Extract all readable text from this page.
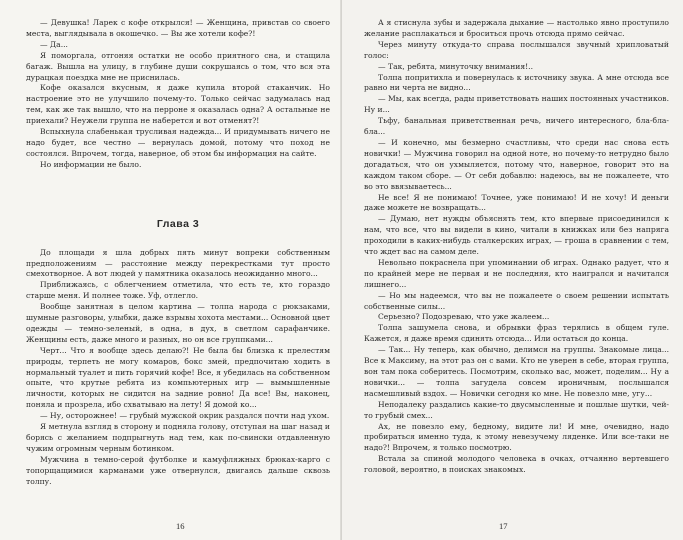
— Девушка! Ларек с кофе открылся! — Женщина, привстав со своего места, выглядывала в окошечко. — Вы же хотели кофе?!

— Да...

Я поморгала, отгоняя остатки не особо приятного сна, и стащила багаж. Вышла на улицу, в глубине души сокрушаясь о том, что вся эта дурацкая поездка мне не приснилась.

Кофе оказался вкусным, я даже купила второй стаканчик. Но настроение это не улучшило почему-то. Только сейчас задумалась над тем, как же так вышло, что на перроне я оказалась одна? А остальные не приехали? Неужели группа не наберется и вот отменят?!

Вспыхнула слабенькая трусливая надежда... И придумывать ничего не надо будет, все честно — вернулась домой, потому что поход не состоялся. Впрочем, тогда, наверное, об этом бы информация на сайте.

Но информации не было.

Глава 3

До площади я шла добрых пять минут вопреки собственным предположениям — расстояние между перекрестками тут просто смехотворное. А вот людей у памятника оказалось неожиданно много...

Приближаясь, с облегчением отметила, что есть те, кто гораздо старше меня. И полнее тоже. Уф, отлегло.

Вообще занятная в целом картина — толпа народа с рюкзаками, шумные разговоры, улыбки, даже взрывы хохота местами... Основной цвет одежды — темно-зеленый, в одна, в дух, в светлом сарафанчике. Женщины есть, даже много и разных, но он все группками...

Черт... Что я вообще здесь делаю?! Не была бы близка к прелестям природы, терпеть не могу комаров, бокс змей, предпочитаю ходить в нормальный туалет и пить горячий кофе! Все, я убедилась на собственном опыте, что крутые ребята из компьютерных игр — вымышленные личности, которых не сидится на задние ровно! Да все! Вы, наконец, поняла и прозрела, ибо схватываю на лету! Я домой ко...

— Ну, осторожнее! — грубый мужской окрик раздался почти над ухом.

Я метнула взгляд в сторону и подняла голову, отступая на шаг назад и борясь с желанием подпрыгнуть над тем, как по-свински отдавленную чужим огромным черным ботинком.

Мужчина в темно-серой футболке и камуфляжных брюках-карго с топорщащимися карманами уже отвернулся, двигаясь дальше сквозь толпу.

16

А я стиснула зубы и задержала дыхание — настолько явно проступило желание расплакаться и броситься прочь отсюда прямо сейчас.

Через минуту откуда-то справа послышался звучный хрипловатый голос:

— Так, ребята, минуточку внимания!..

Толпа попритихла и повернулась к источнику звука. А мне отсюда все равно ни черта не видно...

— Мы, как всегда, рады приветствовать наших постоянных участников. Ну и...

Тьфу, банальная приветственная речь, ничего интересного, бла-бла-бла...

— И конечно, мы безмерно счастливы, что среди нас снова есть новички! — Мужчина говорил на одной ноте, но почему-то нетрудно было догадаться, что он ухмыляется, потому что, наверное, говорит это на каждом таком сборе. — От себя добавлю: надеюсь, вы не пожалеете, что во это ввязываетесь...

Не все! Я не понимаю! Точнее, уже понимаю! И не хочу! И деньги даже можете не возвращать...

— Думаю, нет нужды объяснять тем, кто впервые присоединился к нам, что все, что вы видели в кино, читали в книжках или без напряга проходили в каких-нибудь сталкерских играх, — гроша в сравнении с тем, что ждет вас на самом деле.

Невольно покраснела при упоминании об играх. Однако радует, что я по крайней мере не первая и не последняя, кто наигрался и начитался лишнего...

— Но мы надеемся, что вы не пожалеете о своем решении испытать собственные силы...

Серьезно? Подозреваю, что уже жалеем...

Толпа зашумела снова, и обрывки фраз терялись в общем гуле. Кажется, я даже время сдинять отсюда... Или остаться до конца.

— Так... Ну теперь, как обычно, делимся на группы. Знакомые лица... Все к Максиму, на этот раз он с вами. Кто не уверен в себе, вторая группа, вон там пока соберитесь. Посмотрим, сколько вас, может, поделим... Ну а новички... — толпа загудела совсем ироничным, послышался насмешливый вздох. — Новички сегодня ко мне. Не повезло мне, угу...

Неподалеку раздались какие-то двусмысленные и пошлые шутки, чей-то грубый смех...

Ах, не повезло ему, бедному, видите ли! И мне, очевидно, надо пробираться именно туда, к этому невезучему ляденке. Или все-таки не надо?! Впрочем, я только посмотрю.

Встала за спиной молодого человека в очках, отчаянно вертевшего головой, вероятно, в поисках знакомых.

17
